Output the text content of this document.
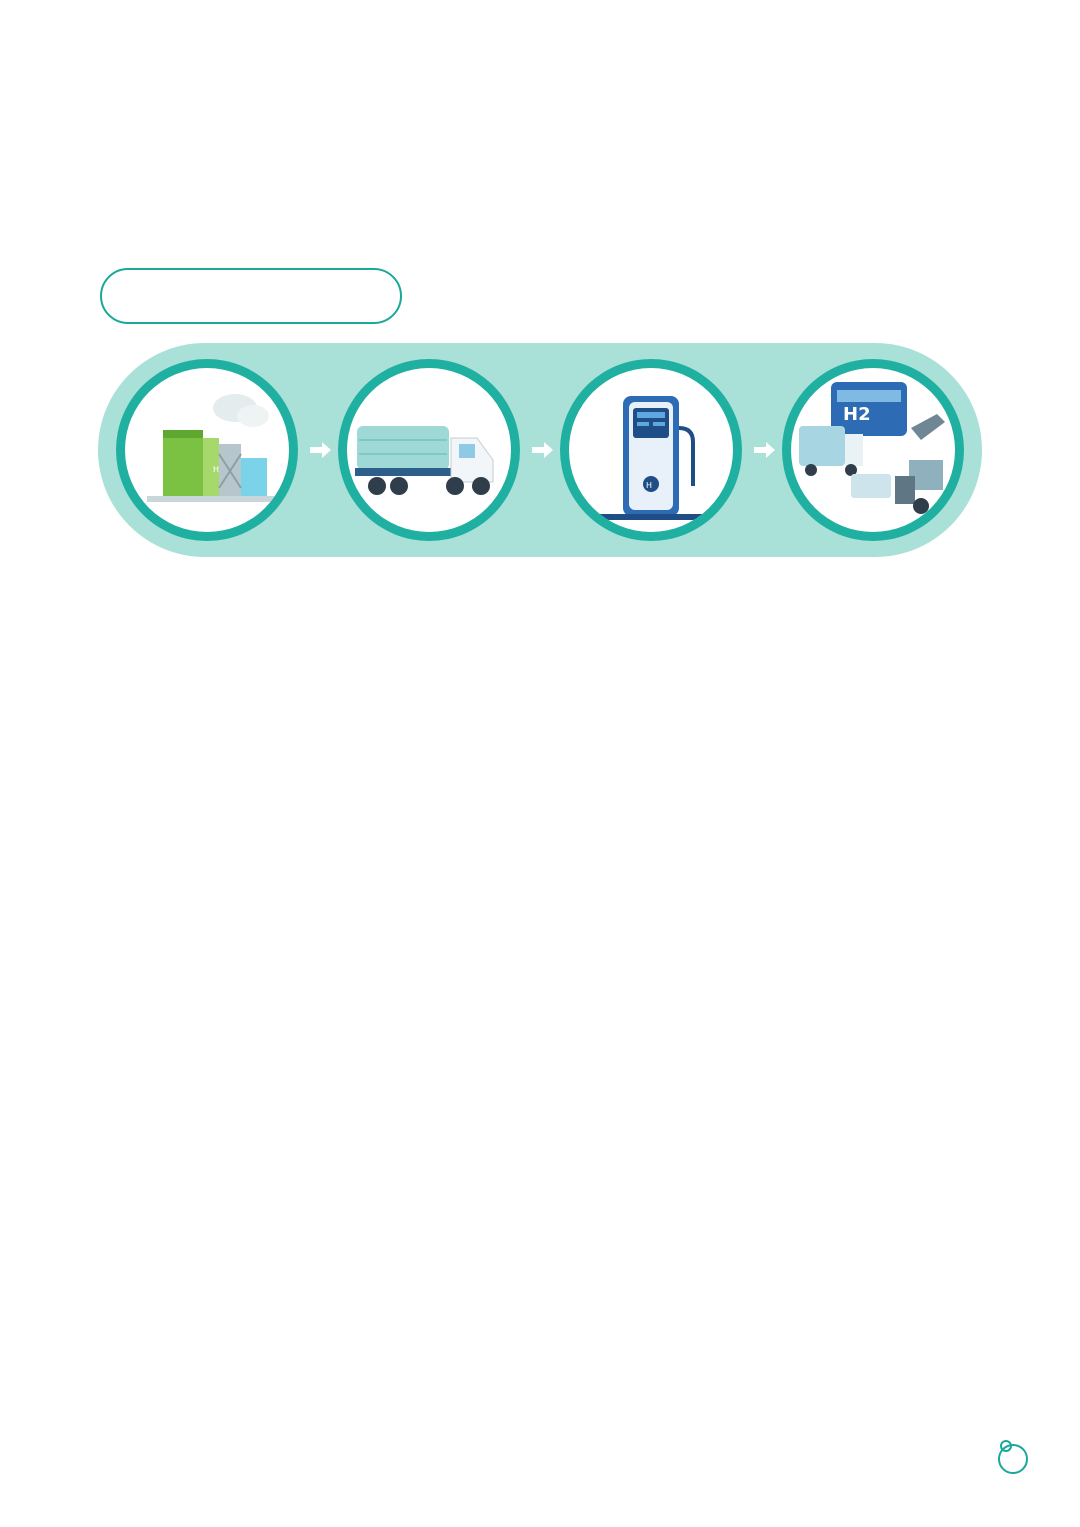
H
H
H2
